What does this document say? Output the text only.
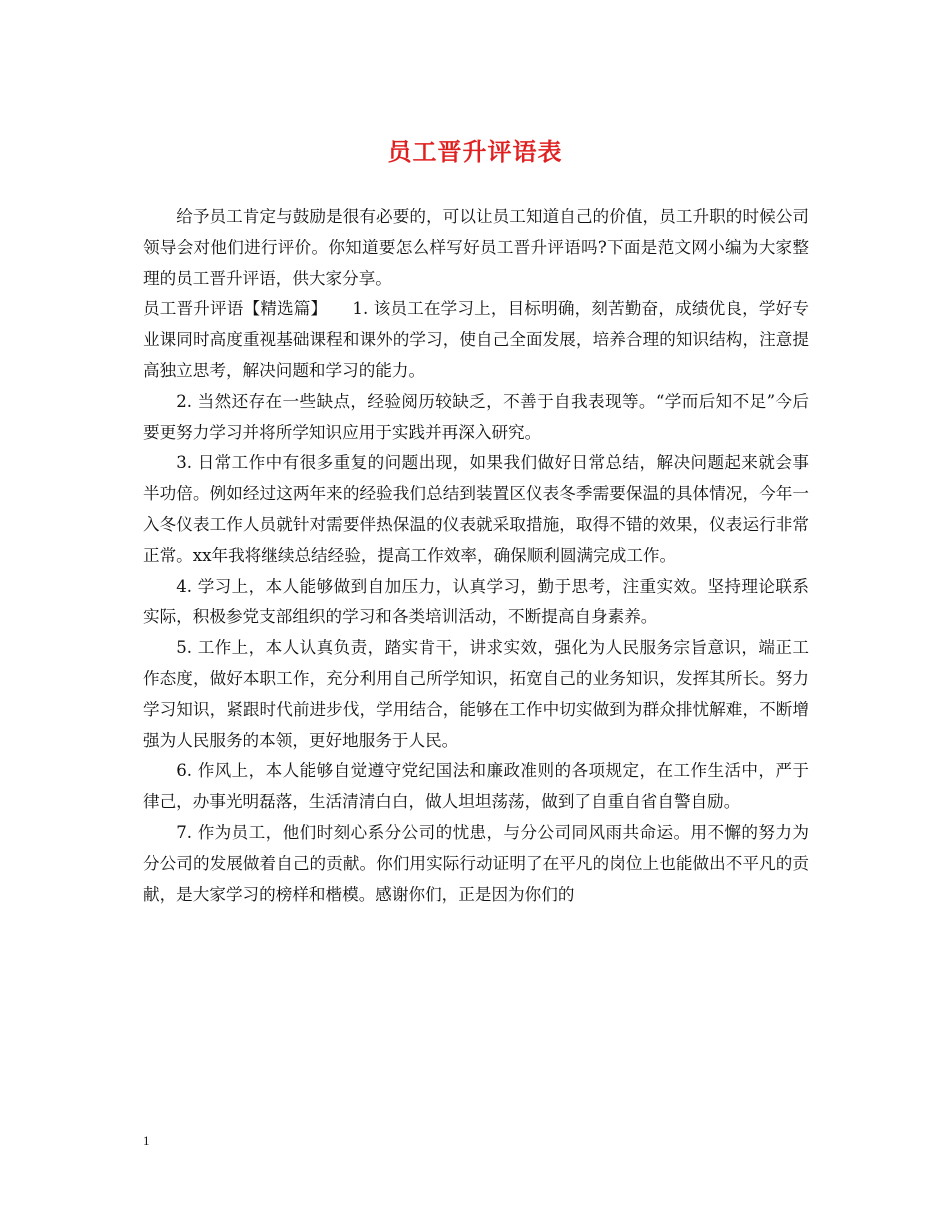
员工晋升评语表

给予员工肯定与鼓励是很有必要的，可以让员工知道自己的价值，员工升职的时候公司领导会对他们进行评价。你知道要怎么样写好员工晋升评语吗?下面是范文网小编为大家整理的员工晋升评语，供大家分享。

员工晋升评语【精选篇】　　1. 该员工在学习上，目标明确，刻苦勤奋，成绩优良，学好专业课同时高度重视基础课程和课外的学习，使自己全面发展，培养合理的知识结构，注意提高独立思考，解决问题和学习的能力。

2. 当然还存在一些缺点，经验阅历较缺乏，不善于自我表现等。“学而后知不足”今后要更努力学习并将所学知识应用于实践并再深入研究。

3. 日常工作中有很多重复的问题出现，如果我们做好日常总结，解决问题起来就会事半功倍。例如经过这两年来的经验我们总结到装置区仪表冬季需要保温的具体情况，今年一入冬仪表工作人员就针对需要伴热保温的仪表就采取措施，取得不错的效果，仪表运行非常正常。xx年我将继续总结经验，提高工作效率，确保顺利圆满完成工作。

4. 学习上，本人能够做到自加压力，认真学习，勤于思考，注重实效。坚持理论联系实际，积极参党支部组织的学习和各类培训活动，不断提高自身素养。

5. 工作上，本人认真负责，踏实肯干，讲求实效，强化为人民服务宗旨意识，端正工作态度，做好本职工作，充分利用自己所学知识，拓宽自己的业务知识，发挥其所长。努力学习知识，紧跟时代前进步伐，学用结合，能够在工作中切实做到为群众排忧解难，不断增强为人民服务的本领，更好地服务于人民。

6. 作风上，本人能够自觉遵守党纪国法和廉政准则的各项规定，在工作生活中，严于律己，办事光明磊落，生活清清白白，做人坦坦荡荡，做到了自重自省自警自励。

7. 作为员工，他们时刻心系分公司的忧患，与分公司同风雨共命运。用不懈的努力为分公司的发展做着自己的贡献。你们用实际行动证明了在平凡的岗位上也能做出不平凡的贡献，是大家学习的榜样和楷模。感谢你们，正是因为你们的

1
